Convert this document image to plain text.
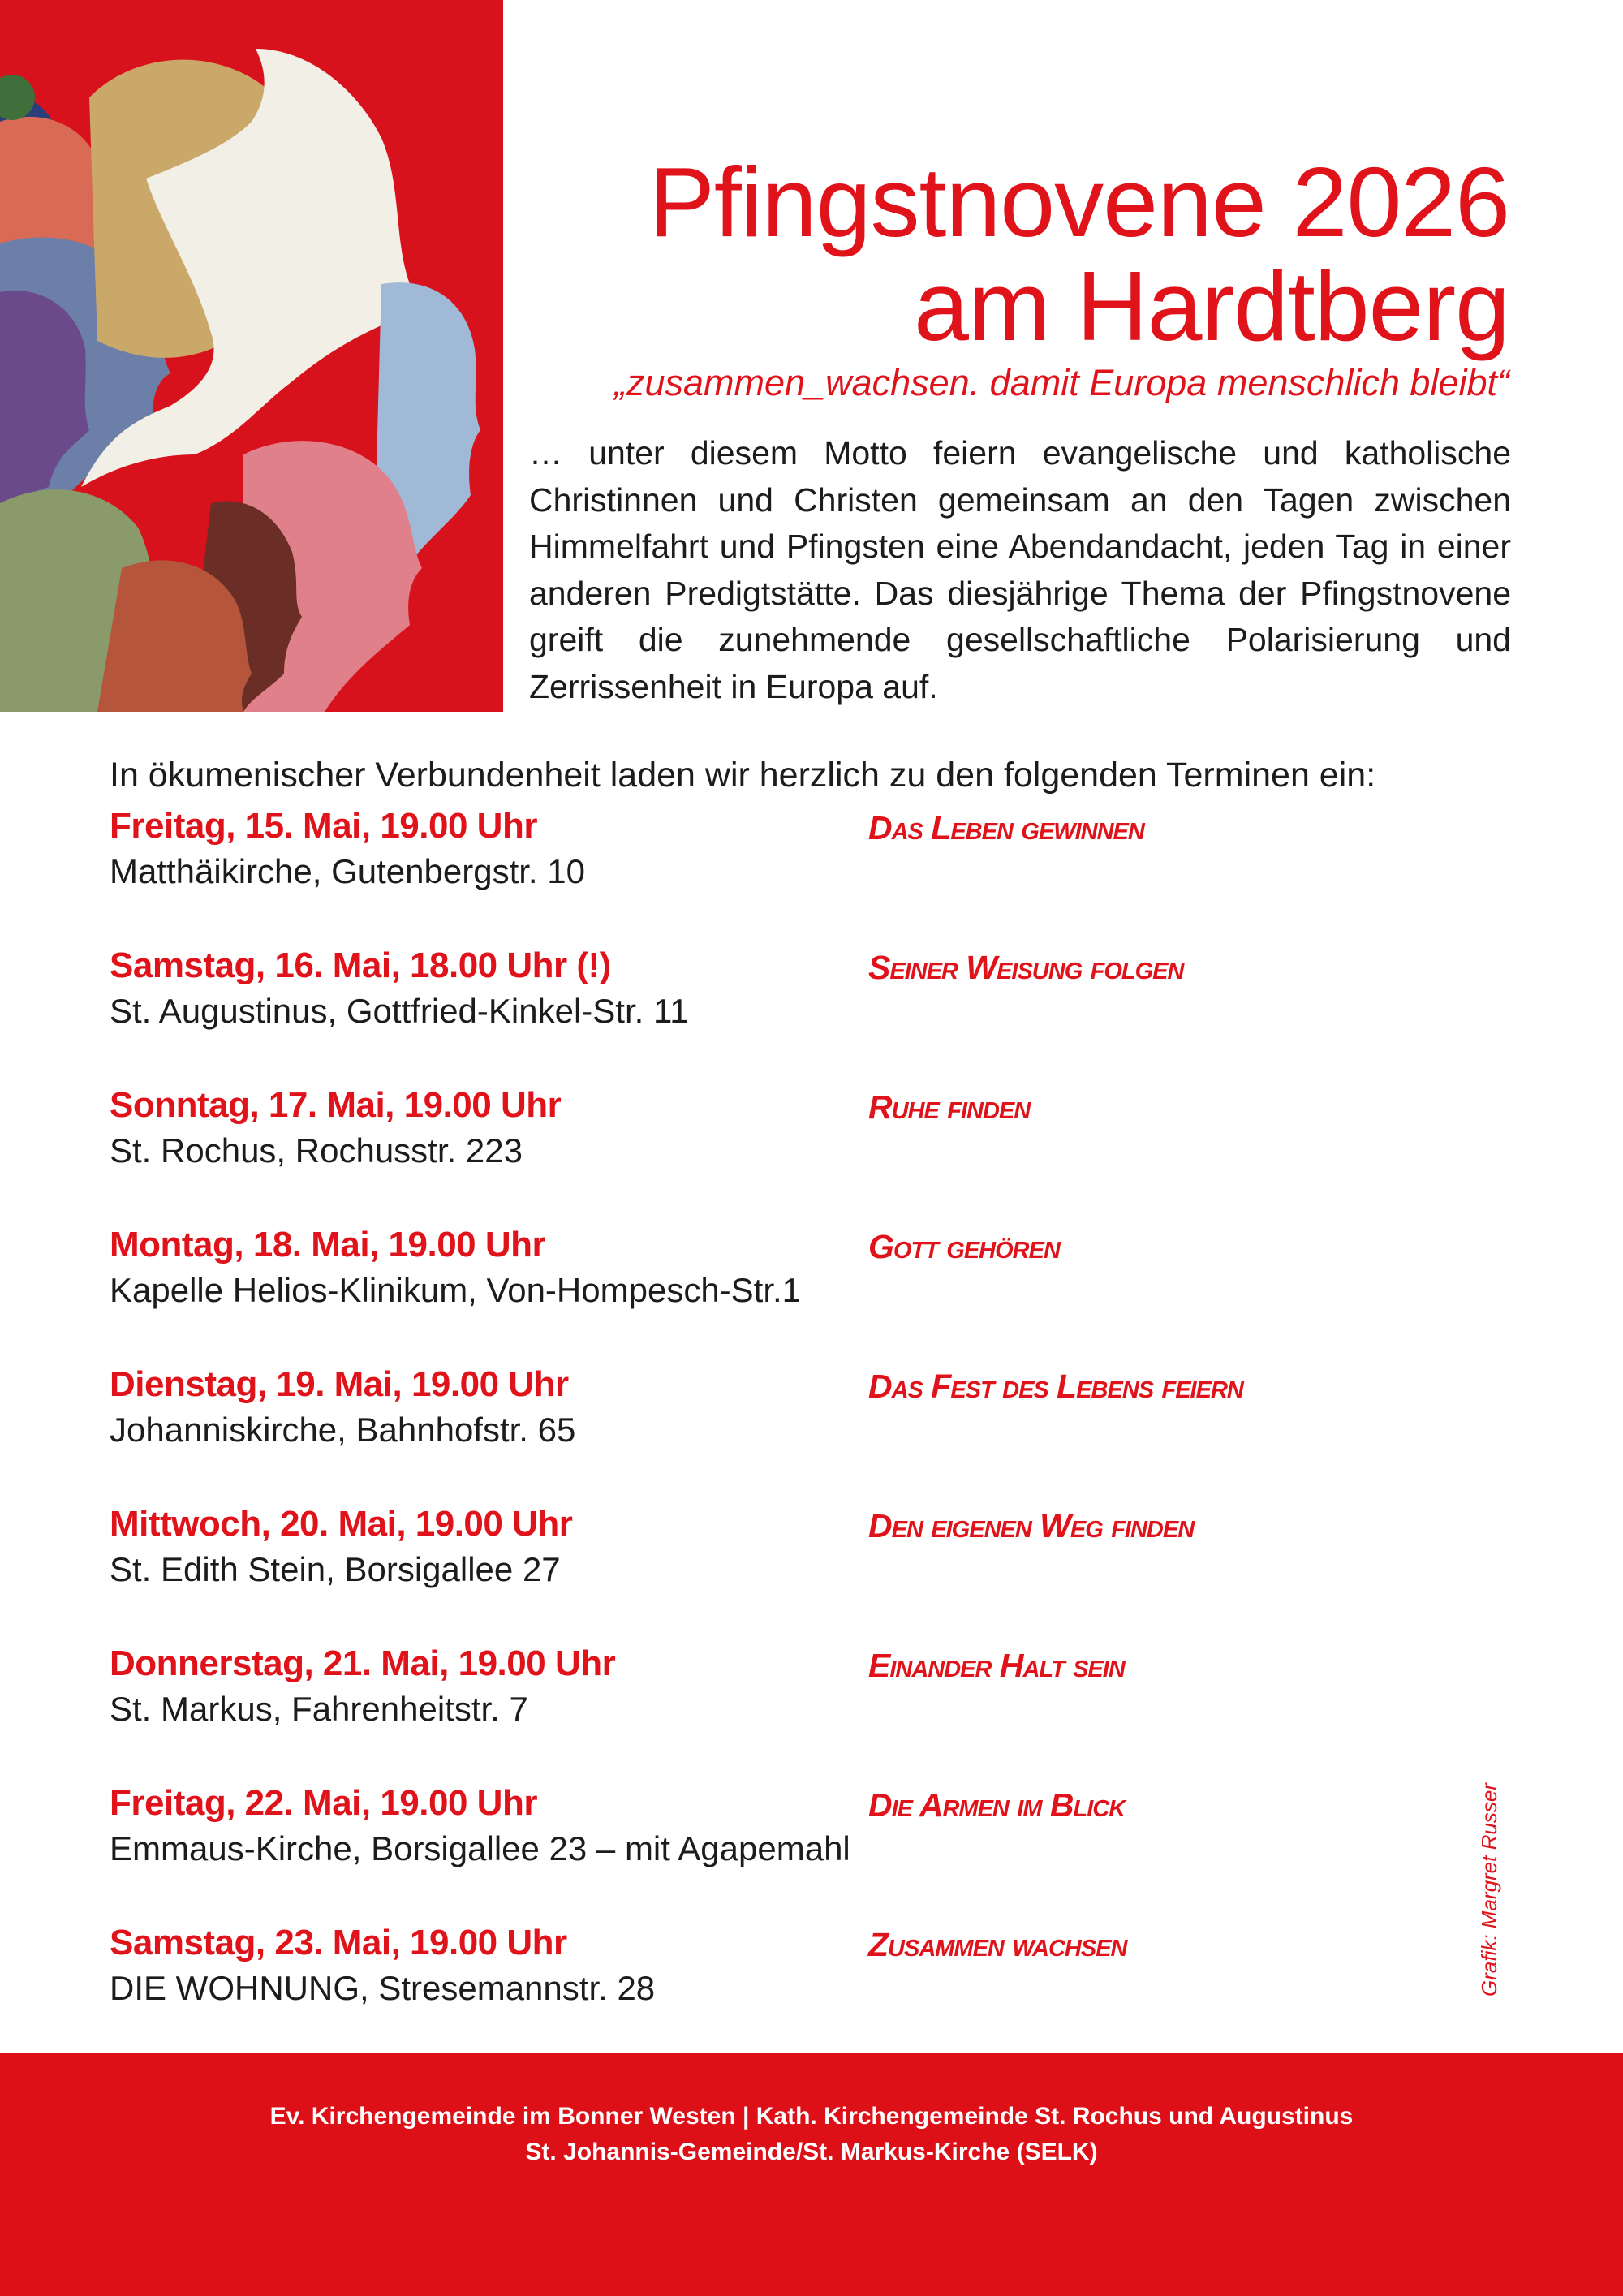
Pfingstnovene 2026
am Hardtberg

„zusammen_wachsen. damit Europa menschlich bleibt“

… unter diesem Motto feiern evangelische und katholische Christinnen und Christen gemeinsam an den Tagen zwischen Himmelfahrt und Pfingsten eine Abendandacht, jeden Tag in einer anderen Predigtstätte. Das diesjährige Thema der Pfingstnovene greift die zunehmende gesellschaftliche Polarisierung und Zerrissenheit in Europa auf.

In ökumenischer Verbundenheit laden wir herzlich zu den folgenden Terminen ein:

Freitag, 15. Mai, 19.00 Uhr	Das Leben gewinnen
Matthäikirche, Gutenbergstr. 10
Samstag, 16. Mai, 18.00 Uhr (!)	Seiner Weisung folgen
St. Augustinus, Gottfried-Kinkel-Str. 11
Sonntag, 17. Mai, 19.00 Uhr	Ruhe finden
St. Rochus, Rochusstr. 223
Montag, 18. Mai, 19.00 Uhr	Gott gehören
Kapelle Helios-Klinikum, Von-Hompesch-Str.1
Dienstag, 19. Mai, 19.00 Uhr	Das Fest des Lebens feiern
Johanniskirche, Bahnhofstr. 65
Mittwoch, 20. Mai, 19.00 Uhr	Den eigenen Weg finden
St. Edith Stein, Borsigallee 27
Donnerstag, 21. Mai, 19.00 Uhr	Einander Halt sein
St. Markus, Fahrenheitstr. 7
Freitag, 22. Mai, 19.00 Uhr	Die Armen im Blick
Emmaus-Kirche, Borsigallee 23 – mit Agapemahl
Samstag, 23. Mai, 19.00 Uhr	Zusammen wachsen
DIE WOHNUNG, Stresemannstr. 28	Grafik: Margret Russer

Ev. Kirchengemeinde im Bonner Westen | Kath. Kirchengemeinde St. Rochus und Augustinus

St. Johannis-Gemeinde/St. Markus-Kirche (SELK)
